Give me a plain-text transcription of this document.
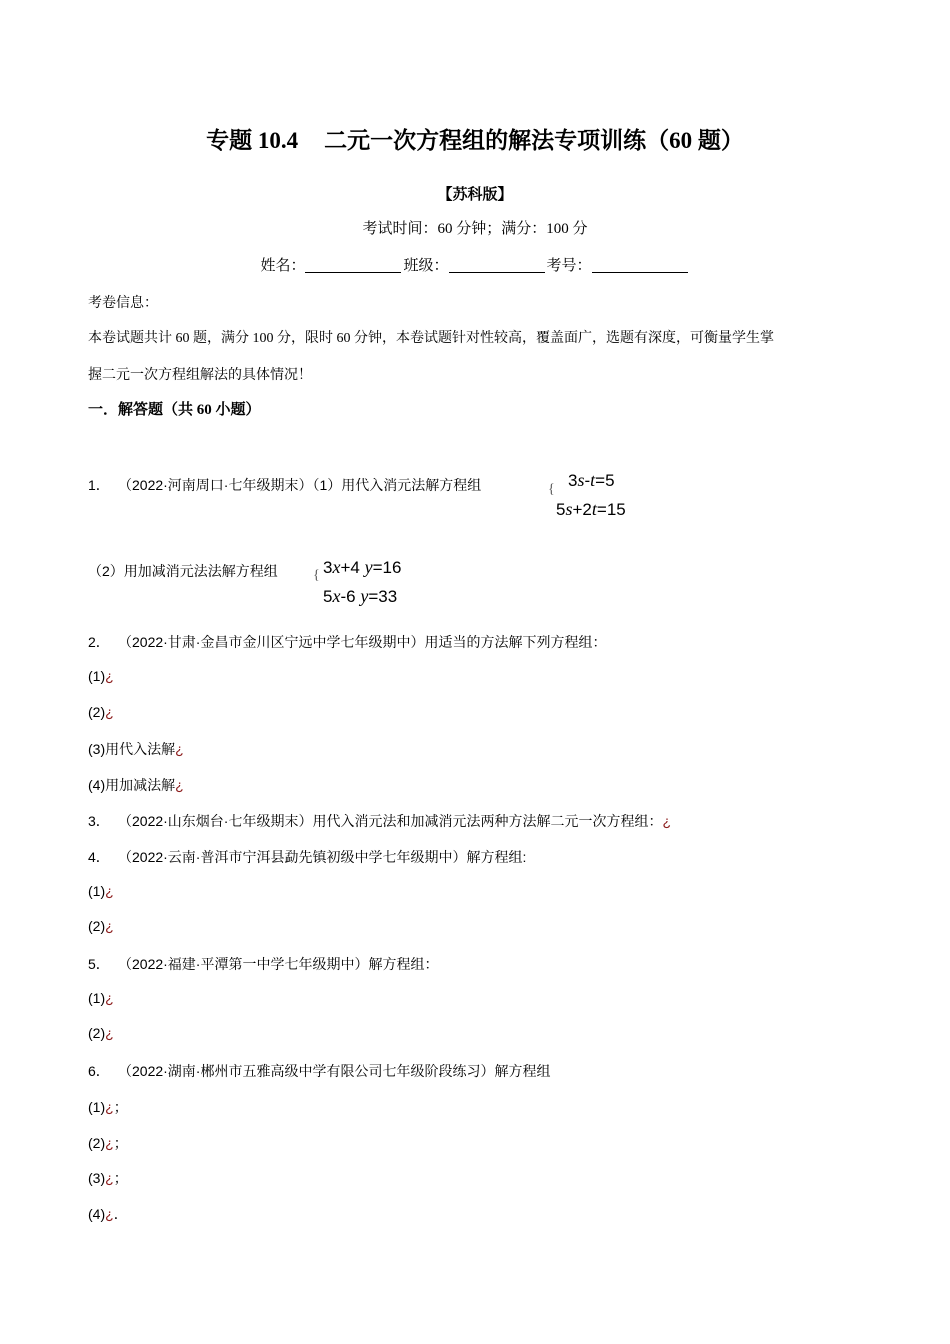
专题 10.4 二元一次方程组的解法专项训练（60 题）
【苏科版】
考试时间：60 分钟；满分：100 分
姓名：	班级：	考号：
考卷信息：
本卷试题共计 60 题，满分 100 分，限时 60 分钟，本卷试题针对性较高，覆盖面广，选题有深度，可衡量学生掌
握二元一次方程组解法的具体情况！
一．解答题（共 60 小题）
1． （2022·河南周口·七年级期末）（1）用代入消元法解方程组	{ 3s-t=5
5s+2t=15
（2）用加减消元法法解方程组	{ 3x+4 y=16
5x-6 y=33
2． （2022·甘肃·金昌市金川区宁远中学七年级期中）用适当的方法解下列方程组：
(1)¿
(2)¿
(3)用代入法解¿
(4)用加减法解¿
3． （2022·山东烟台·七年级期末）用代入消元法和加减消元法两种方法解二元一次方程组：¿
4． （2022·云南·普洱市宁洱县勐先镇初级中学七年级期中）解方程组:
(1)¿
(2)¿
5． （2022·福建·平潭第一中学七年级期中）解方程组：
(1)¿
(2)¿
6． （2022·湖南·郴州市五雅高级中学有限公司七年级阶段练习）解方程组
(1)¿；
(2)¿；
(3)¿；
(4)¿．
